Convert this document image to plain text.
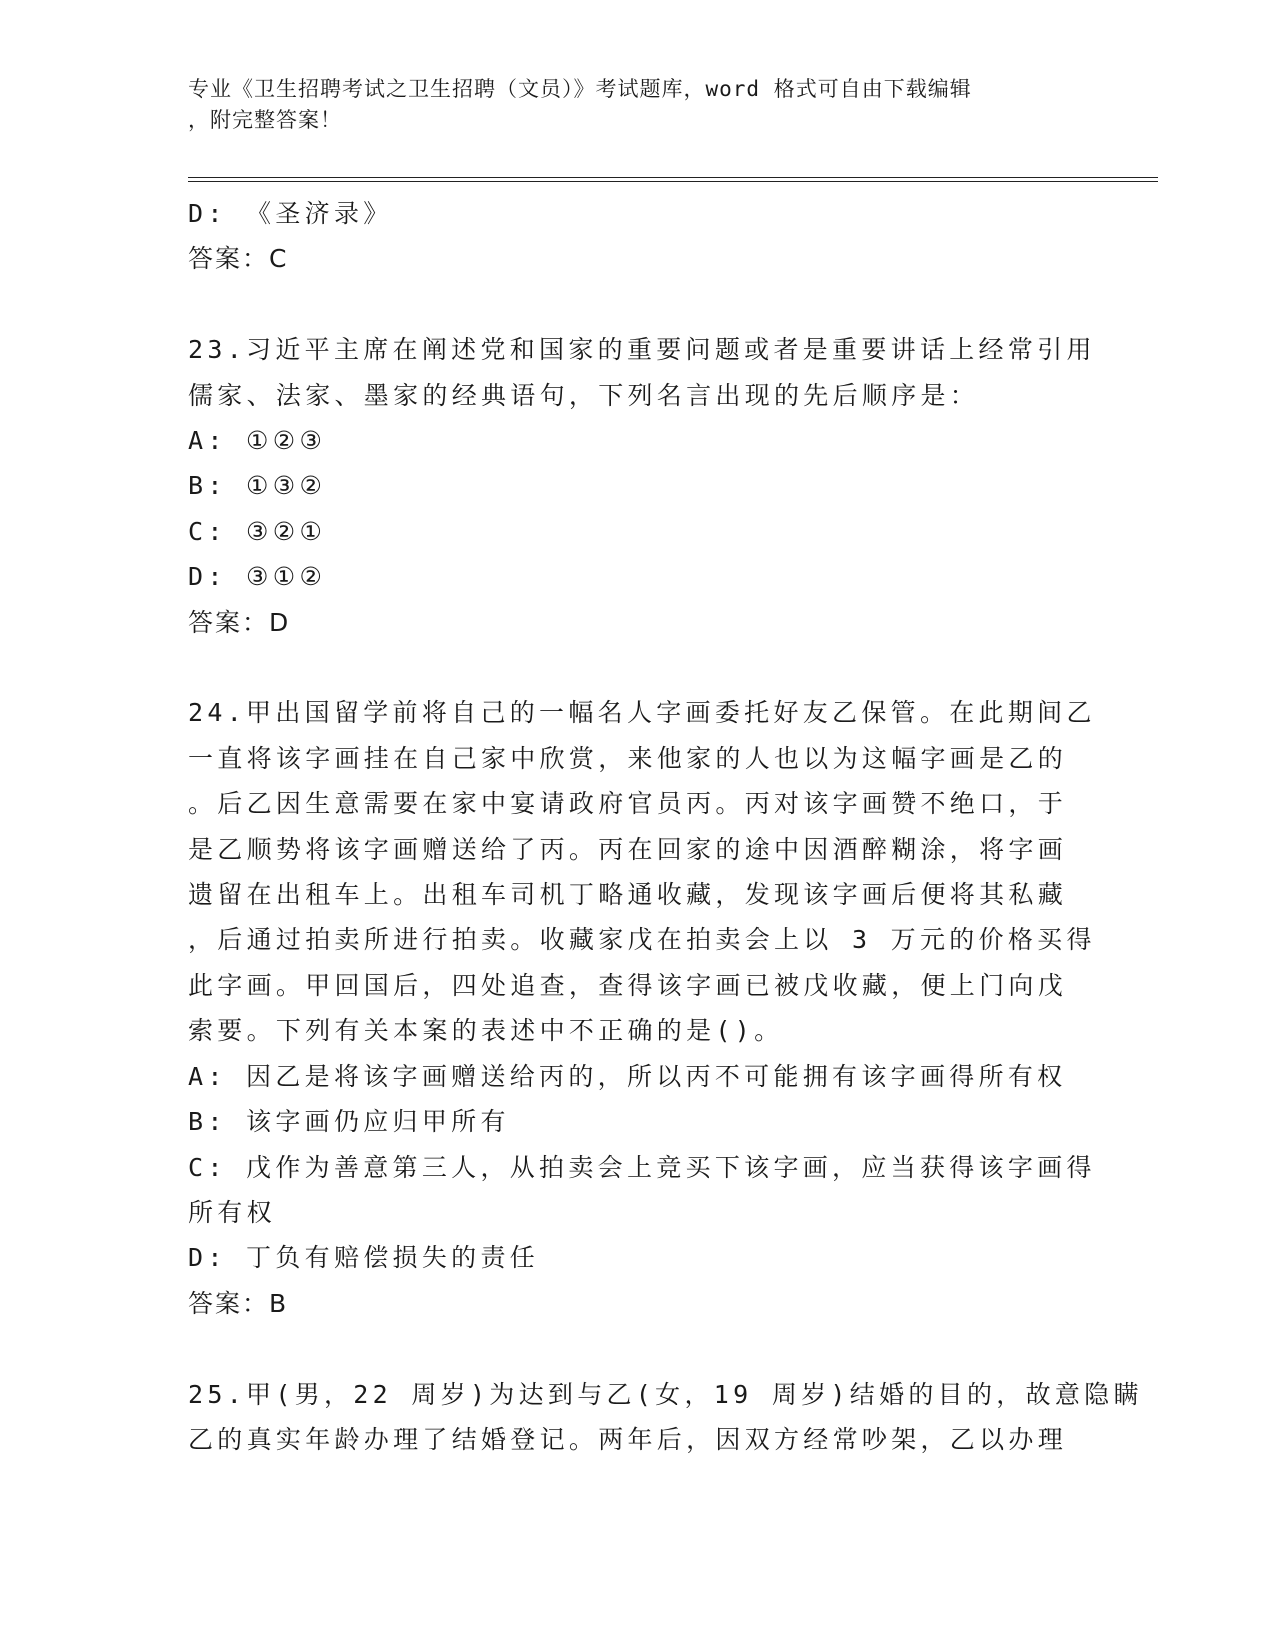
专业《卫生招聘考试之卫生招聘（文员）》考试题库，word 格式可自由下载编辑
，附完整答案！
D: 《圣济录》
答案：C
23.习近平主席在阐述党和国家的重要问题或者是重要讲话上经常引用
儒家、法家、墨家的经典语句，下列名言出现的先后顺序是：
A: ①②③
B: ①③②
C: ③②①
D: ③①②
答案：D
24.甲出国留学前将自己的一幅名人字画委托好友乙保管。在此期间乙
一直将该字画挂在自己家中欣赏，来他家的人也以为这幅字画是乙的
。后乙因生意需要在家中宴请政府官员丙。丙对该字画赞不绝口，于
是乙顺势将该字画赠送给了丙。丙在回家的途中因酒醉糊涂，将字画
遗留在出租车上。出租车司机丁略通收藏，发现该字画后便将其私藏
，后通过拍卖所进行拍卖。收藏家戊在拍卖会上以 3 万元的价格买得
此字画。甲回国后，四处追查，查得该字画已被戊收藏，便上门向戊
索要。下列有关本案的表述中不正确的是()。
A: 因乙是将该字画赠送给丙的，所以丙不可能拥有该字画得所有权
B: 该字画仍应归甲所有
C: 戊作为善意第三人，从拍卖会上竞买下该字画，应当获得该字画得
所有权
D: 丁负有赔偿损失的责任
答案：B
25.甲(男，22 周岁)为达到与乙(女，19 周岁)结婚的目的，故意隐瞒
乙的真实年龄办理了结婚登记。两年后，因双方经常吵架，乙以办理
